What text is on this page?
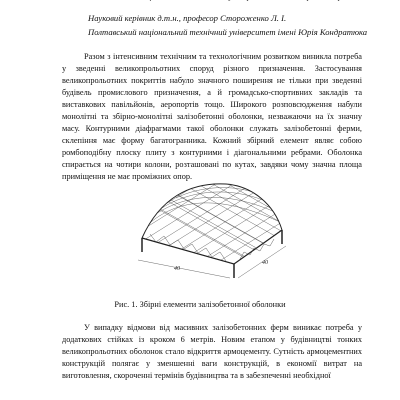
Науковий керівник д.т.н., професор Стороженко Л. І.
Полтавський національний технічний університет імені Юрія Кондратюка

Разом з інтенсивним технічним та технологічним розвитком виникла потреба у зведенні великопрольотних споруд різного призначення. Застосування великопрольотних покриттів набуло значного поширення не тільки при зведенні будівель промислового призначення, а й громадсько-спортивних закладів та виставкових павільйонів, аеропортів тощо. Широкого розповсюдження набули монолітні та збірно-монолітні залізобетонні оболонки, незважаючи на їх значну масу. Контурними діафрагмами такої оболонки служать залізобетонні ферми, склепіння має форму багатогранника. Кожний збірний елемент являє собою ромбоподібну плоску плиту з контурними і діагональними ребрами. Оболонка спирається на чотири колони, розташовані по кутах, завдяки чому значна площа приміщення не має проміжних опор.

40
40
Рис. 1. Збірні елементи залізобетонної оболонки

У випадку відмови від масивних залізобетонних ферм виникає потреба у додаткових стійках із кроком 6 метрів. Новим етапом у будівництві тонких великопрольотних оболонок стало відкриття армоцементу. Сутність армоцементних конструкцій полягає у зменшенні ваги конструкцій, в економії витрат на виготовлення, скороченні термінів будівництва та в забезпеченні необхідної
